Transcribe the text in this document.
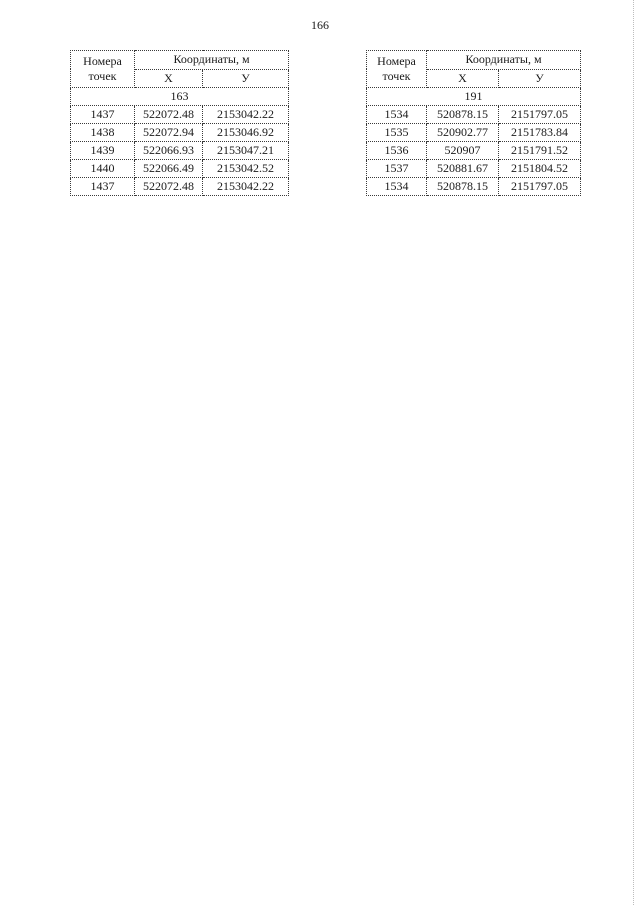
166
Номера точек	Координаты, м	
	X	У
163		
1437	522072.48	2153042.22
1438	522072.94	2153046.92
1439	522066.93	2153047.21
1440	522066.49	2153042.52
1437	522072.48	2153042.22
Номера точек	Координаты, м	
	X	У
191		
1534	520878.15	2151797.05
1535	520902.77	2151783.84
1536	520907	2151791.52
1537	520881.67	2151804.52
1534	520878.15	2151797.05
